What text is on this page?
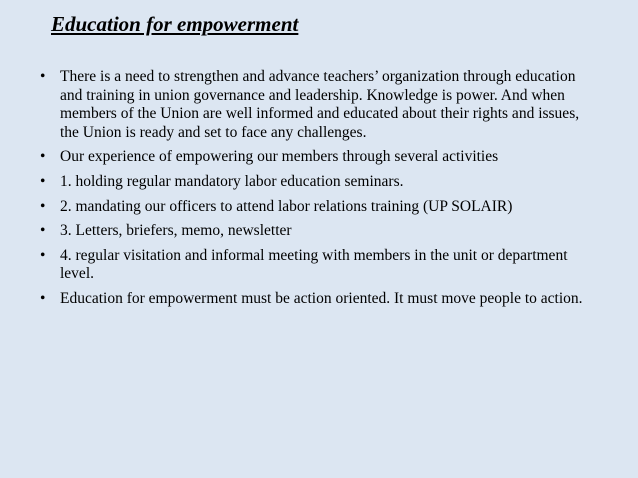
Education for empowerment
• There is a need to strengthen and advance teachers’ organization through education and training in union governance and leadership. Knowledge is power. And when members of the Union are well informed and educated about their rights and issues, the Union is ready and set to face any challenges.
• Our experience of empowering our members through several activities
• 1. holding regular mandatory labor education seminars.
• 2. mandating our officers to attend labor relations training (UP SOLAIR)
• 3. Letters, briefers, memo, newsletter
• 4. regular visitation and informal meeting with members in the unit or department level.
• Education for empowerment must be action oriented. It must move people to action.
